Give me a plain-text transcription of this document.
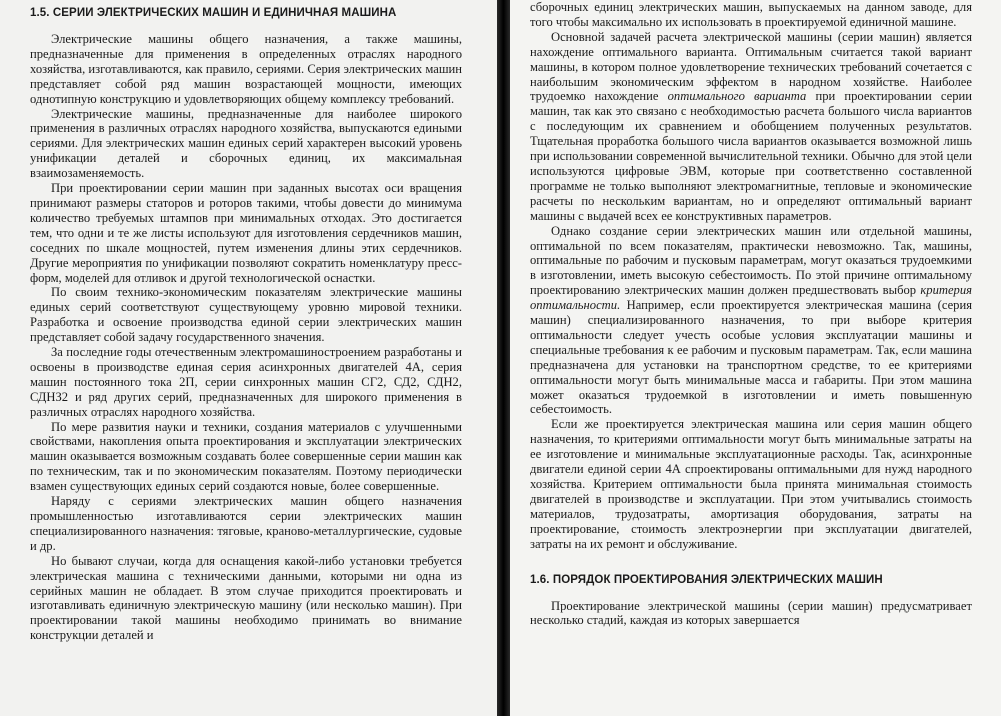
1.5. СЕРИИ ЭЛЕКТРИЧЕСКИХ МАШИН И ЕДИНИЧНАЯ МАШИНА

Электрические машины общего назначения, а также машины, предназначенные для применения в определенных отраслях народного хозяйства, изготавливаются, как правило, сериями. Серия электрических машин представляет собой ряд машин возрастающей мощности, имеющих однотипную конструкцию и удовлетворяющих общему комплексу требований.

Электрические машины, предназначенные для наиболее широкого применения в различных отраслях народного хозяйства, выпускаются едиными сериями. Для электрических машин единых серий характерен высокий уровень унификации деталей и сборочных единиц, их максимальная взаимозаменяемость.

При проектировании серии машин при заданных высотах оси вращения принимают размеры статоров и роторов такими, чтобы довести до минимума количество требуемых штампов при минимальных отходах. Это достигается тем, что одни и те же листы используют для изготовления сердечников машин, соседних по шкале мощностей, путем изменения длины этих сердечников. Другие мероприятия по унификации позволяют сократить номенклатуру пресс-форм, моделей для отливок и другой технологической оснастки.

По своим технико-экономическим показателям электрические машины единых серий соответствуют существующему уровню мировой техники. Разработка и освоение производства единой серии электрических машин представляет собой задачу государственного значения.

За последние годы отечественным электромашиностроением разработаны и освоены в производстве единая серия асинхронных двигателей 4А, серия машин постоянного тока 2П, серии синхронных машин СГ2, СД2, СДН2, СДНЗ2 и ряд других серий, предназначенных для широкого применения в различных отраслях народного хозяйства.

По мере развития науки и техники, создания материалов с улучшенными свойствами, накопления опыта проектирования и эксплуатации электрических машин оказывается возможным создавать более совершенные серии машин как по техническим, так и по экономическим показателям. Поэтому периодически взамен существующих единых серий создаются новые, более совершенные.

Наряду с сериями электрических машин общего назначения промышленностью изготавливаются серии электрических машин специализированного назначения: тяговые, краново-металлургические, судовые и др.

Но бывают случаи, когда для оснащения какой-либо установки требуется электрическая машина с техническими данными, которыми ни одна из серийных машин не обладает. В этом случае приходится проектировать и изготавливать единичную электрическую машину (или несколько машин). При проектировании такой машины необходимо принимать во внимание конструкции деталей и

сборочных единиц электрических машин, выпускаемых на данном заводе, для того чтобы максимально их использовать в проектируемой единичной машине.

Основной задачей расчета электрической машины (серии машин) является нахождение оптимального варианта. Оптимальным считается такой вариант машины, в котором полное удовлетворение технических требований сочетается с наибольшим экономическим эффектом в народном хозяйстве. Наиболее трудоемко нахождение оптимального варианта при проектировании серии машин, так как это связано с необходимостью расчета большого числа вариантов с последующим их сравнением и обобщением полученных результатов. Тщательная проработка большого числа вариантов оказывается возможной лишь при использовании современной вычислительной техники. Обычно для этой цели используются цифровые ЭВМ, которые при соответственно составленной программе не только выполняют электромагнитные, тепловые и экономические расчеты по нескольким вариантам, но и определяют оптимальный вариант машины с выдачей всех ее конструктивных параметров.

Однако создание серии электрических машин или отдельной машины, оптимальной по всем показателям, практически невозможно. Так, машины, оптимальные по рабочим и пусковым параметрам, могут оказаться трудоемкими в изготовлении, иметь высокую себестоимость. По этой причине оптимальному проектированию электрических машин должен предшествовать выбор критерия оптимальности. Например, если проектируется электрическая машина (серия машин) специализированного назначения, то при выборе критерия оптимальности следует учесть особые условия эксплуатации машины и специальные требования к ее рабочим и пусковым параметрам. Так, если машина предназначена для установки на транспортном средстве, то ее критериями оптимальности могут быть минимальные масса и габариты. При этом машина может оказаться трудоемкой в изготовлении и иметь повышенную себестоимость.

Если же проектируется электрическая машина или серия машин общего назначения, то критериями оптимальности могут быть минимальные затраты на ее изготовление и минимальные эксплуатационные расходы. Так, асинхронные двигатели единой серии 4А спроектированы оптимальными для нужд народного хозяйства. Критерием оптимальности была принята минимальная стоимость двигателей в производстве и эксплуатации. При этом учитывались стоимость материалов, трудозатраты, амортизация оборудования, затраты на проектирование, стоимость электроэнергии при эксплуатации двигателей, затраты на их ремонт и обслуживание.

1.6. ПОРЯДОК ПРОЕКТИРОВАНИЯ ЭЛЕКТРИЧЕСКИХ МАШИН

Проектирование электрической машины (серии машин) предусматривает несколько стадий, каждая из которых завершается
